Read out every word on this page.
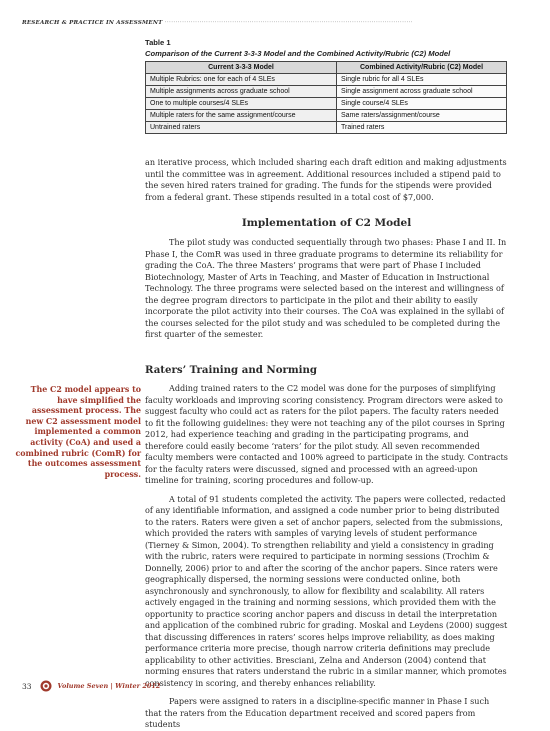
RESEARCH & PRACTICE IN ASSESSMENT ··················································································································
Table 1
Comparison of the Current 3-3-3 Model and the Combined Activity/Rubric (C2) Model
Current 3-3-3 Model	Combined Activity/Rubric (C2) Model
Multiple Rubrics: one for each of 4 SLEs	Single rubric for all 4 SLEs
Multiple assignments across graduate school	Single assignment across graduate school
One to multiple courses/4 SLEs	Single course/4 SLEs
Multiple raters for the same assignment/course	Same raters/assignment/course
Untrained raters	Trained raters

an iterative process, which included sharing each draft edition and making adjustments until the committee was in agreement. Additional resources included a stipend paid to the seven hired raters trained for grading. The funds for the stipends were provided from a federal grant. These stipends resulted in a total cost of $7,000.

Implementation of C2 Model

The pilot study was conducted sequentially through two phases: Phase I and II. In Phase I, the ComR was used in three graduate programs to determine its reliability for grading the CoA. The three Masters’ programs that were part of Phase I included Biotechnology, Master of Arts in Teaching, and Master of Education in Instructional Technology. The three programs were selected based on the interest and willingness of the degree program directors to participate in the pilot and their ability to easily incorporate the pilot activity into their courses. The CoA was explained in the syllabi of the courses selected for the pilot study and was scheduled to be completed during the first quarter of the semester.

Raters’ Training and Norming
The C2 model appears to have simplified the assessment process. The new C2 assessment model implemented a common activity (CoA) and used a combined rubric (ComR) for the outcomes assessment process.

Adding trained raters to the C2 model was done for the purposes of simplifying faculty workloads and improving scoring consistency. Program directors were asked to suggest faculty who could act as raters for the pilot papers. The faculty raters needed to fit the following guidelines: they were not teaching any of the pilot courses in Spring 2012, had experience teaching and grading in the participating programs, and therefore could easily become ‘raters’ for the pilot study. All seven recommended faculty members were contacted and 100% agreed to participate in the study. Contracts for the faculty raters were discussed, signed and processed with an agreed-upon timeline for training, scoring procedures and follow-up.

A total of 91 students completed the activity. The papers were collected, redacted of any identifiable information, and assigned a code number prior to being distributed to the raters. Raters were given a set of anchor papers, selected from the submissions, which provided the raters with samples of varying levels of student performance (Tierney & Simon, 2004). To strengthen reliability and yield a consistency in grading with the rubric, raters were required to participate in norming sessions (Trochim & Donnelly, 2006) prior to and after the scoring of the anchor papers. Since raters were geographically dispersed, the norming sessions were conducted online, both asynchronously and synchronously, to allow for flexibility and scalability. All raters actively engaged in the training and norming sessions, which provided them with the opportunity to practice scoring anchor papers and discuss in detail the interpretation and application of the combined rubric for grading. Moskal and Leydens (2000) suggest that discussing differences in raters’ scores helps improve reliability, as does making performance criteria more precise, though narrow criteria definitions may preclude applicability to other activities. Bresciani, Zelna and Anderson (2004) contend that norming ensures that raters understand the rubric in a similar manner, which promotes consistency in scoring, and thereby enhances reliability.

Papers were assigned to raters in a discipline-specific manner in Phase I such that the raters from the Education department received and scored papers from students

33	Volume Seven | Winter 2012
